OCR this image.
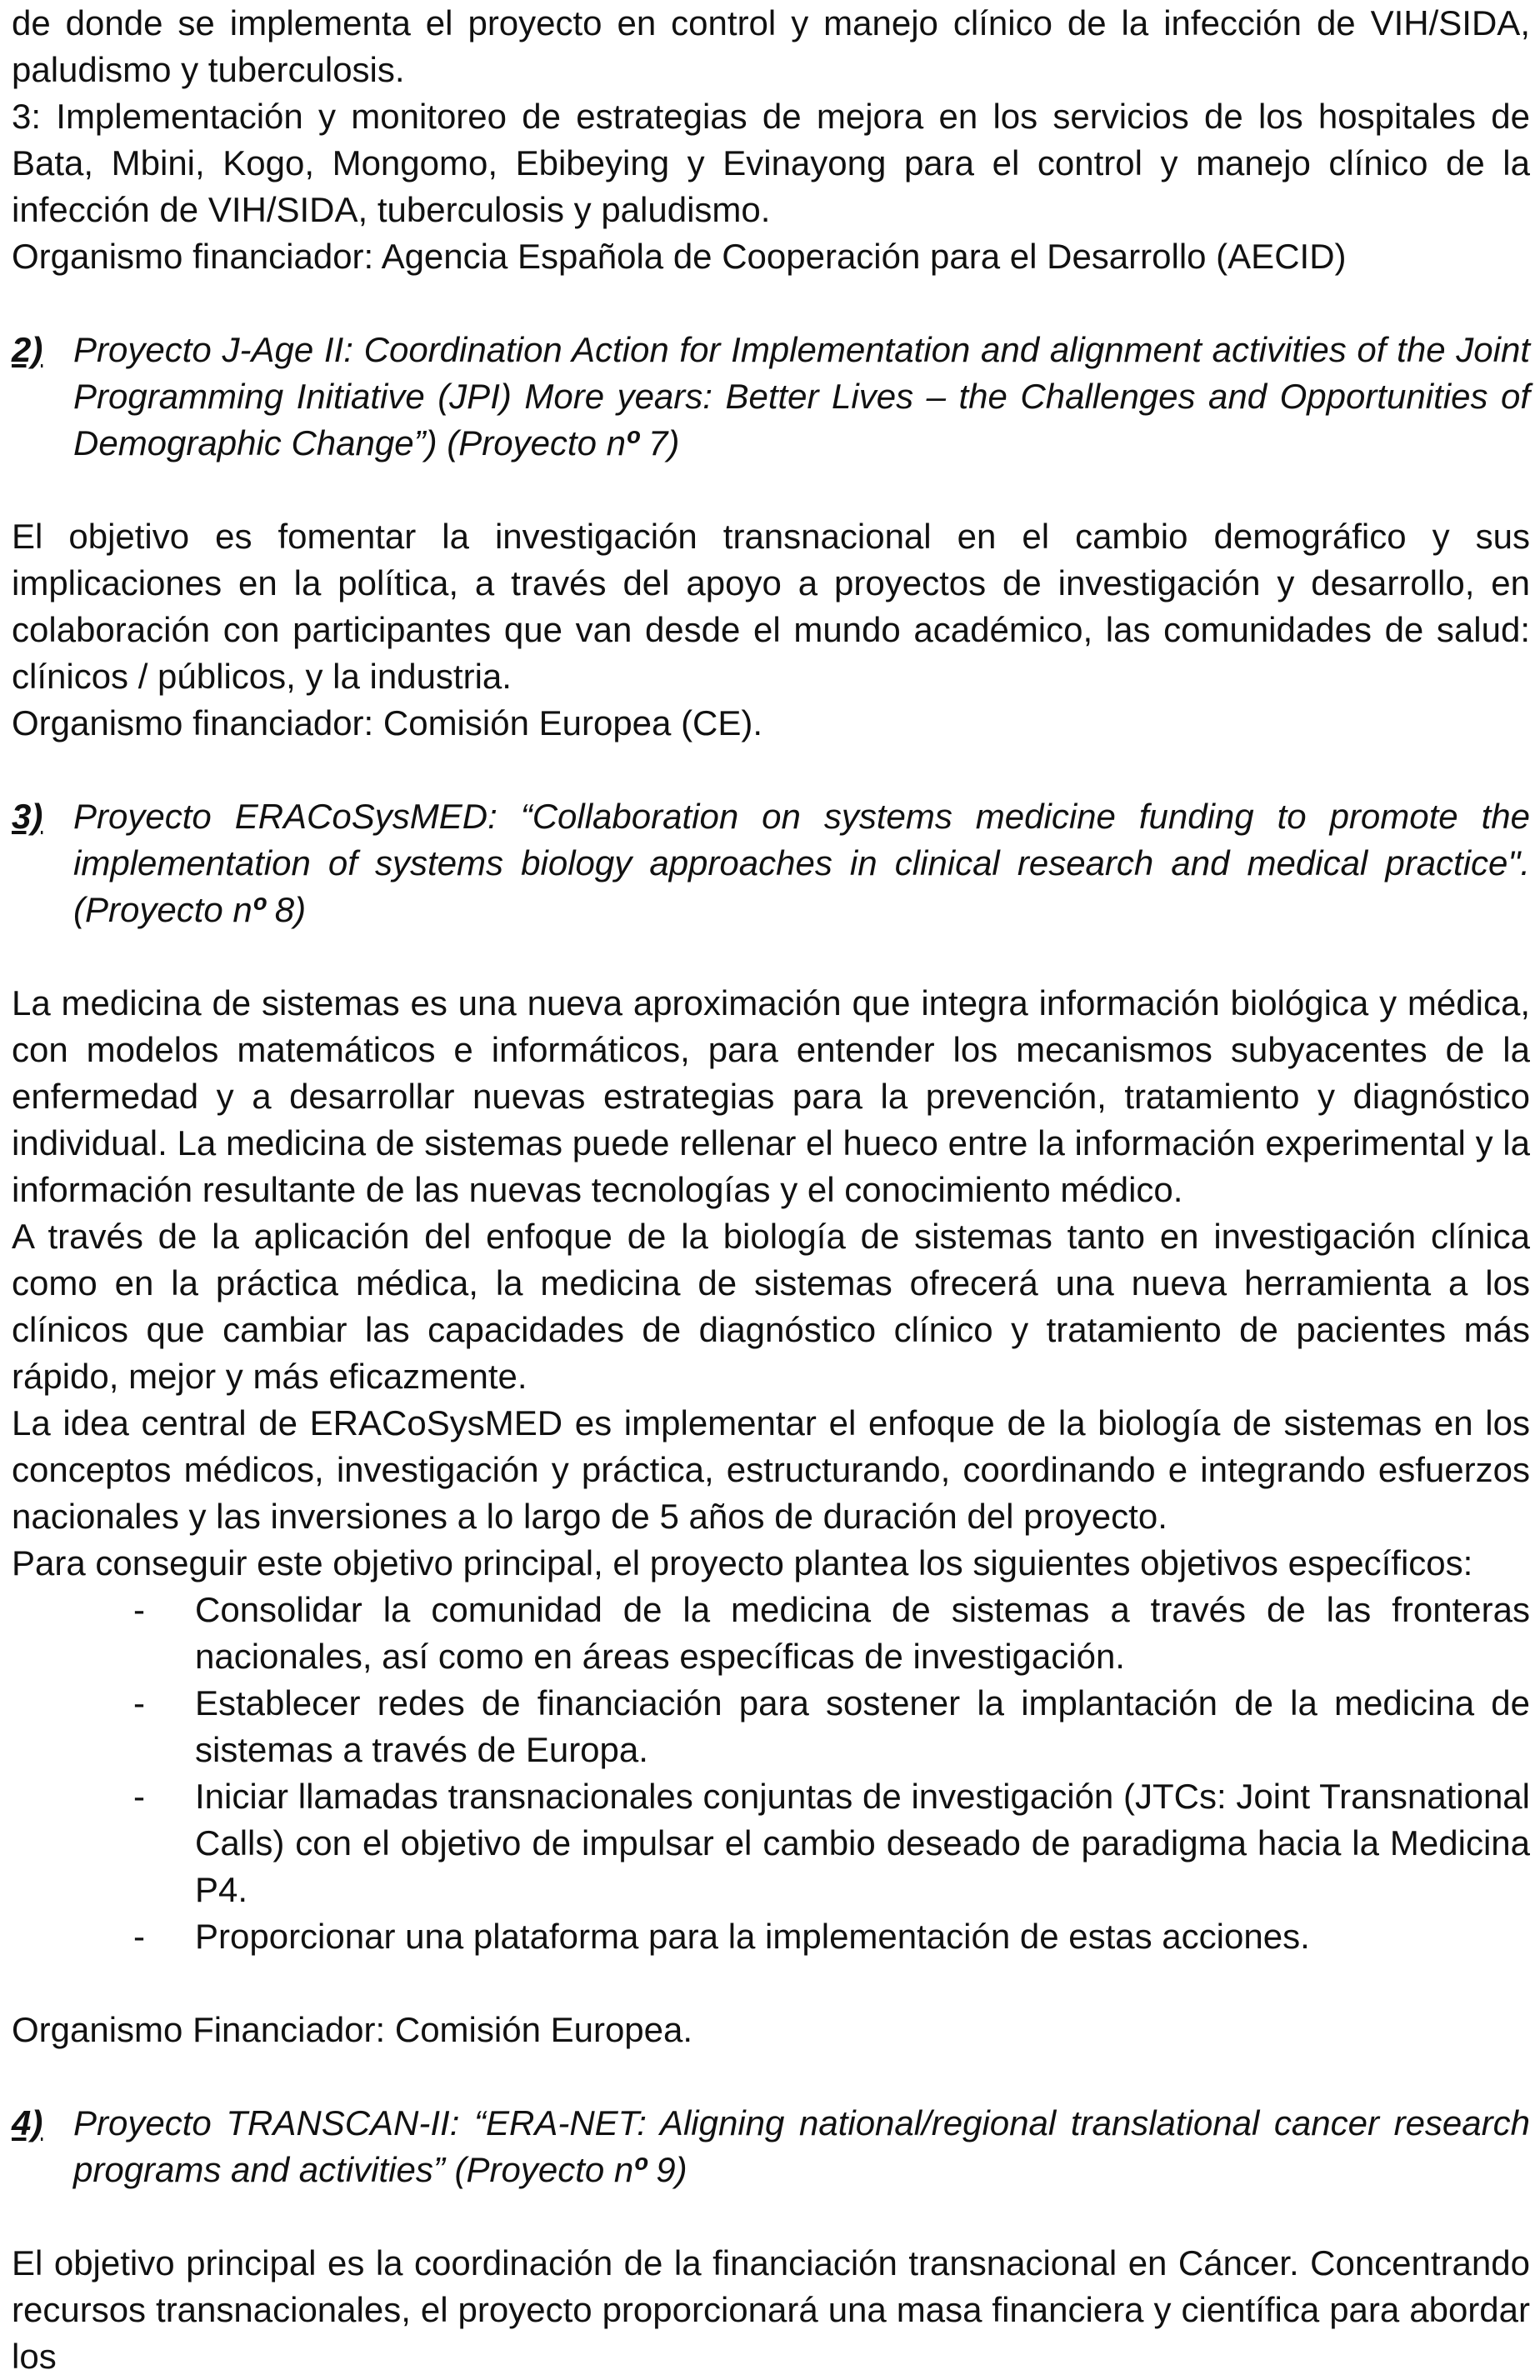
de donde se implementa el proyecto en control y manejo clínico de la infección de VIH/SIDA, paludismo y tuberculosis.

3: Implementación y monitoreo de estrategias de mejora en los servicios de los hospitales de Bata, Mbini, Kogo, Mongomo, Ebibeying y Evinayong para el control y manejo clínico de la infección de VIH/SIDA, tuberculosis y paludismo.

Organismo financiador: Agencia Española de Cooperación para el Desarrollo (AECID)

2) Proyecto J-Age II: Coordination Action for Implementation and alignment activities of the Joint Programming Initiative (JPI) More years: Better Lives – the Challenges and Opportunities of Demographic Change”) (Proyecto nº 7)

El objetivo es fomentar la investigación transnacional en el cambio demográfico y sus implicaciones en la política, a través del apoyo a proyectos de investigación y desarrollo, en colaboración con participantes que van desde el mundo académico, las comunidades de salud: clínicos / públicos, y la industria.

Organismo financiador: Comisión Europea (CE).

3) Proyecto ERACoSysMED: “Collaboration on systems medicine funding to promote the implementation of systems biology approaches in clinical research and medical practice".(Proyecto nº 8)

La medicina de sistemas es una nueva aproximación que integra información biológica y médica, con modelos matemáticos e informáticos, para entender los mecanismos subyacentes de la enfermedad y a desarrollar nuevas estrategias para la prevención, tratamiento y diagnóstico individual. La medicina de sistemas puede rellenar el hueco entre la información experimental y la información resultante de las nuevas tecnologías y el conocimiento médico.

A través de la aplicación del enfoque de la biología de sistemas tanto en investigación clínica como en la práctica médica, la medicina de sistemas ofrecerá una nueva herramienta a los clínicos que cambiar las capacidades de diagnóstico clínico y tratamiento de pacientes más rápido, mejor y más eficazmente.

La idea central de ERACoSysMED es implementar el enfoque de la biología de sistemas en los conceptos médicos, investigación y práctica, estructurando, coordinando e integrando esfuerzos nacionales y las inversiones a lo largo de 5 años de duración del proyecto.

Para conseguir este objetivo principal, el proyecto plantea los siguientes objetivos específicos:

- Consolidar la comunidad de la medicina de sistemas a través de las fronteras nacionales, así como en áreas específicas de investigación.
- Establecer redes de financiación para sostener la implantación de la medicina de sistemas a través de Europa.
- Iniciar llamadas transnacionales conjuntas de investigación (JTCs: Joint Transnational Calls) con el objetivo de impulsar el cambio deseado de paradigma hacia la Medicina P4.
- Proporcionar una plataforma para la implementación de estas acciones.

Organismo Financiador: Comisión Europea.

4) Proyecto TRANSCAN-II: “ERA-NET: Aligning national/regional translational cancer research programs and activities” (Proyecto nº 9)

El objetivo principal es la coordinación de la financiación transnacional en Cáncer. Concentrando recursos transnacionales, el proyecto proporcionará una masa financiera y científica para abordar los
